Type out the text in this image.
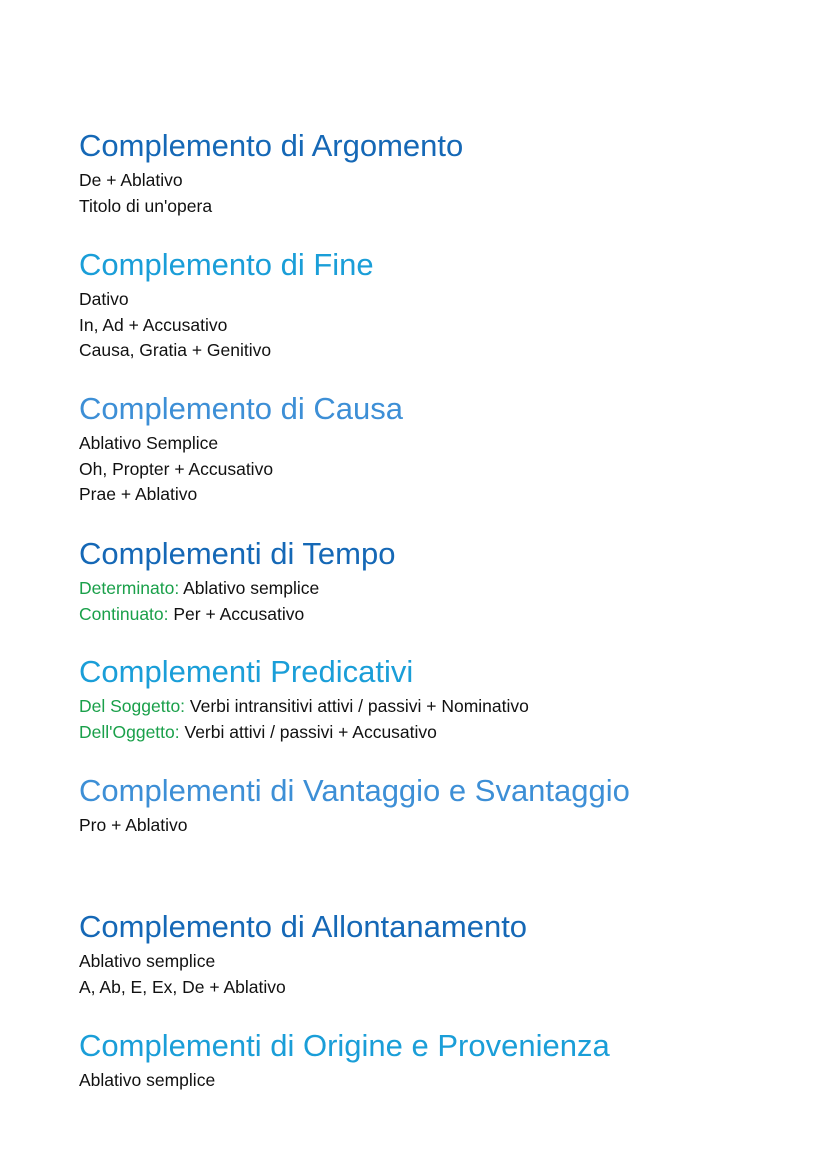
Complemento di Argomento

De + Ablativo

Titolo di un'opera

Complemento di Fine

Dativo

In, Ad + Accusativo

Causa, Gratia + Genitivo

Complemento di Causa

Ablativo Semplice

Oh, Propter + Accusativo

Prae + Ablativo

Complementi di Tempo

Determinato: Ablativo semplice

Continuato: Per + Accusativo

Complementi Predicativi

Del Soggetto: Verbi intransitivi attivi / passivi + Nominativo

Dell'Oggetto: Verbi attivi / passivi + Accusativo

Complementi di Vantaggio e Svantaggio

Pro + Ablativo

Complemento di Allontanamento

Ablativo semplice

A, Ab, E, Ex, De + Ablativo

Complementi di Origine e Provenienza

Ablativo semplice
